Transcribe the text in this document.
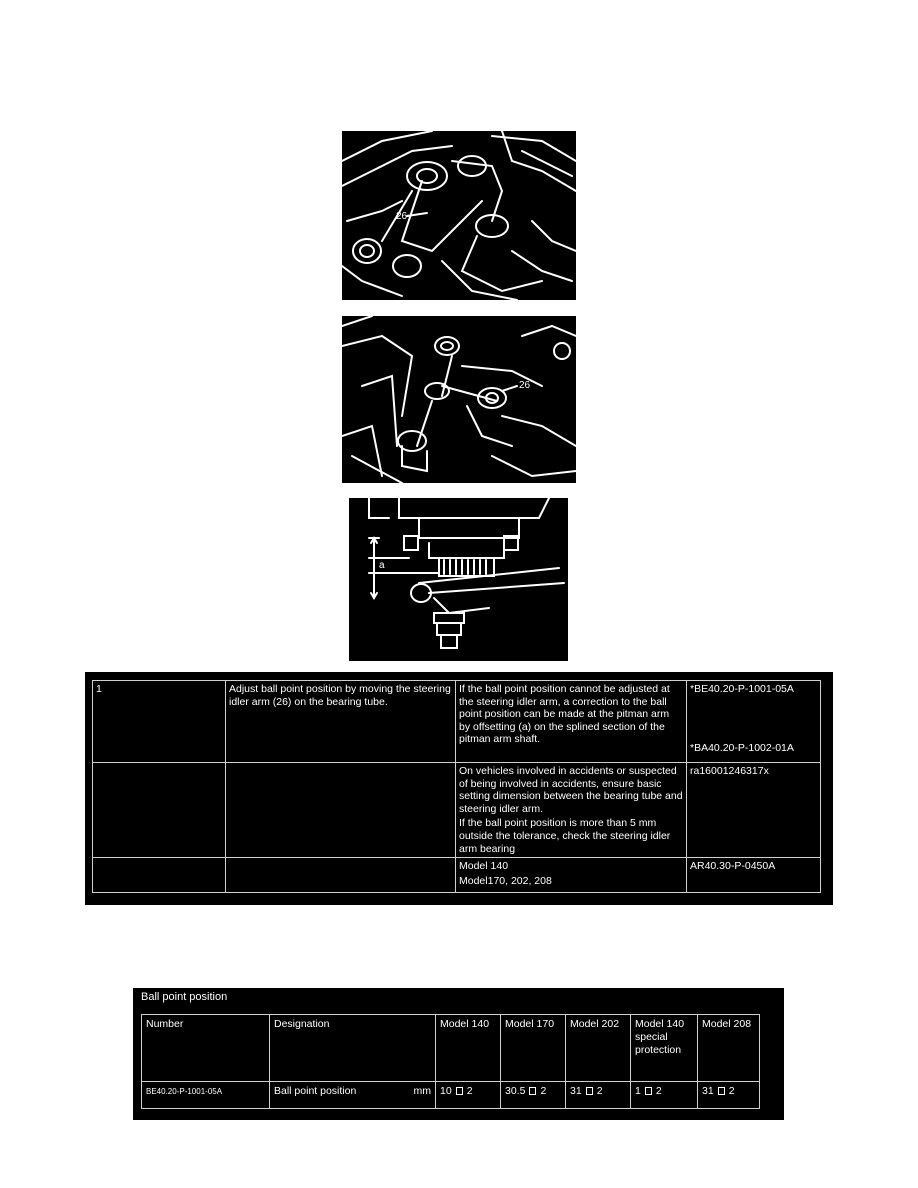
26
26
a

1	Adjust ball point position by moving the steering idler arm (26) on the bearing tube.	If the ball point position cannot be adjusted at the steering idler arm, a correction to the ball point position can be made at the pitman arm by offsetting (a) on the splined section of the pitman arm shaft.	*BE40.20-P-1001-05A

*BA40.20-P-1002-01A

		On vehicles involved in accidents or suspected of being involved in accidents, ensure basic setting dimension between the bearing tube and steering idler arm.

If the ball point position is more than 5 mm outside the tolerance, check the steering idler arm bearing	ra16001246317x

		Model 140

Model170, 202, 208	AR40.30-P-0450A

Ball point position
Number	Designation	Model 140	Model 170	Model 202	Model 140 special protection	Model 208
BE40.20-P-1001-05A	Ball point position mm	10 2	30.5 2	31 2	1 2	31 2
